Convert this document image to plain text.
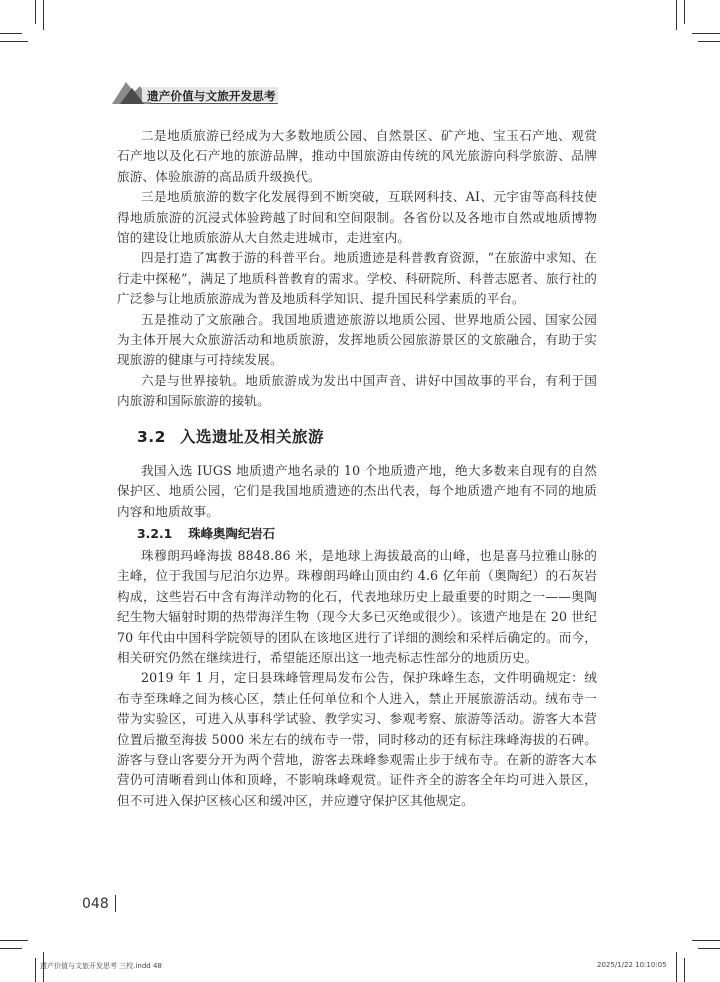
遗产价值与文旅开发思考

二是地质旅游已经成为大多数地质公园、自然景区、矿产地、宝玉石产地、观赏石产地以及化石产地的旅游品牌，推动中国旅游由传统的风光旅游向科学旅游、品牌旅游、体验旅游的高品质升级换代。

三是地质旅游的数字化发展得到不断突破，互联网科技、AI、元宇宙等高科技使得地质旅游的沉浸式体验跨越了时间和空间限制。各省份以及各地市自然或地质博物馆的建设让地质旅游从大自然走进城市，走进室内。

四是打造了寓教于游的科普平台。地质遗迹是科普教育资源，“在旅游中求知、在行走中探秘”，满足了地质科普教育的需求。学校、科研院所、科普志愿者、旅行社的广泛参与让地质旅游成为普及地质科学知识、提升国民科学素质的平台。

五是推动了文旅融合。我国地质遗迹旅游以地质公园、世界地质公园、国家公园为主体开展大众旅游活动和地质旅游，发挥地质公园旅游景区的文旅融合，有助于实现旅游的健康与可持续发展。

六是与世界接轨。地质旅游成为发出中国声音、讲好中国故事的平台，有利于国内旅游和国际旅游的接轨。

3.2 入选遗址及相关旅游

我国入选 IUGS 地质遗产地名录的 10 个地质遗产地，绝大多数来自现有的自然保护区、地质公园，它们是我国地质遗迹的杰出代表，每个地质遗产地有不同的地质内容和地质故事。

3.2.1 珠峰奥陶纪岩石

珠穆朗玛峰海拔 8848.86 米，是地球上海拔最高的山峰，也是喜马拉雅山脉的主峰，位于我国与尼泊尔边界。珠穆朗玛峰山顶由约 4.6 亿年前（奥陶纪）的石灰岩构成，这些岩石中含有海洋动物的化石，代表地球历史上最重要的时期之一——奥陶纪生物大辐射时期的热带海洋生物（现今大多已灭绝或很少）。该遗产地是在 20 世纪 70 年代由中国科学院领导的团队在该地区进行了详细的测绘和采样后确定的。而今，相关研究仍然在继续进行，希望能还原出这一地壳标志性部分的地质历史。

2019 年 1 月，定日县珠峰管理局发布公告，保护珠峰生态，文件明确规定：绒布寺至珠峰之间为核心区，禁止任何单位和个人进入，禁止开展旅游活动。绒布寺一带为实验区，可进入从事科学试验、教学实习、参观考察、旅游等活动。游客大本营位置后撤至海拔 5000 米左右的绒布寺一带，同时移动的还有标注珠峰海拔的石碑。游客与登山客要分开为两个营地，游客去珠峰参观需止步于绒布寺。在新的游客大本营仍可清晰看到山体和顶峰，不影响珠峰观赏。证件齐全的游客全年均可进入景区，但不可进入保护区核心区和缓冲区，并应遵守保护区其他规定。

048
遗产价值与文旅开发思考 三校.indd 48	2025/1/22 10:10:05
